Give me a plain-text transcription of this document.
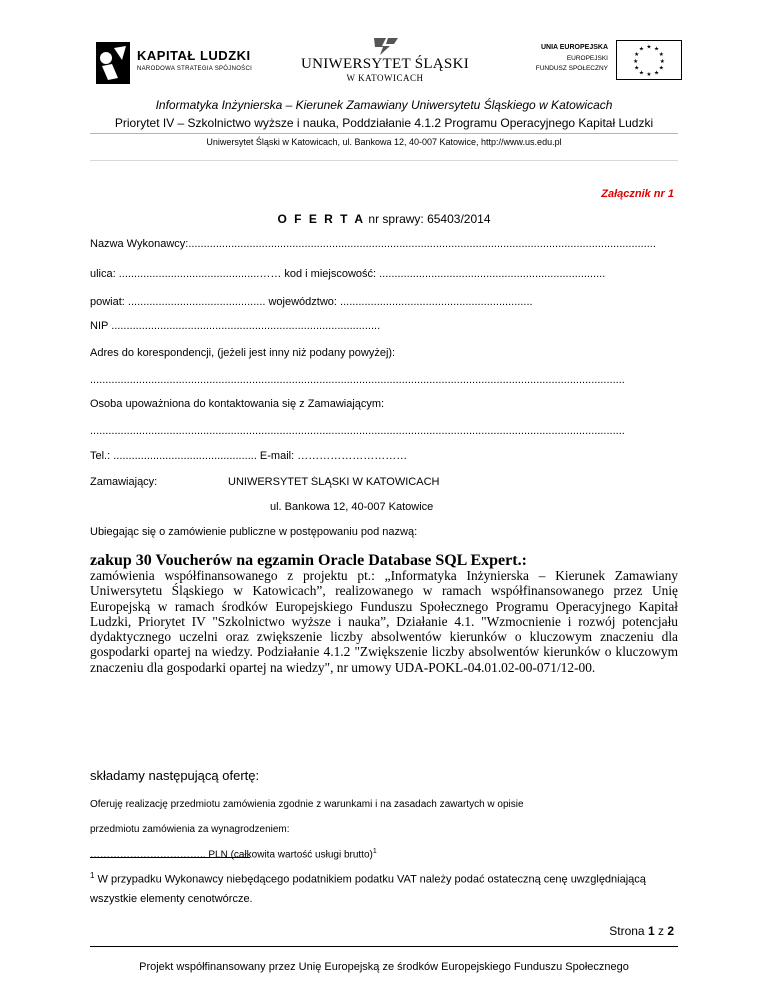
KAPITAŁ LUDZKI
NARODOWA STRATEGIA SPÓJNOŚCI	UNIWERSYTET ŚLĄSKI
W KATOWICACH
UNIA EUROPEJSKA
EUROPEJSKI
FUNDUSZ SPOŁECZNY
★ ★
★
★
★
★
★
★
★
★
★
★
Informatyka Inżynierska – Kierunek Zamawiany Uniwersytetu Śląskiego w Katowicach
Priorytet IV – Szkolnictwo wyższe i nauka, Poddziałanie 4.1.2 Programu Operacyjnego Kapitał Ludzki
Uniwersytet Śląski w Katowicach, ul. Bankowa 12, 40-007 Katowice, http://www.us.edu.pl
Załącznik nr 1
O F E R T A nr sprawy: 65403/2014
Nazwa Wykonawcy:.........................................................................................................................................................
ulica: ..............................................…… kod i miejscowość: ..........................................................................
powiat: ............................................. województwo: ...............................................................
NIP ........................................................................................
Adres do korespondencji, (jeżeli jest inny niż podany powyżej):
...............................................................................................................................................................................
Osoba upoważniona do kontaktowania się z Zamawiającym:
...............................................................................................................................................................................
Tel.: ............................................... E-mail: …………………………
Zamawiający:	UNIWERSYTET ŚLĄSKI W KATOWICACH
ul. Bankowa 12, 40-007 Katowice
Ubiegając się o zamówienie publiczne w postępowaniu pod nazwą:
zakup 30 Voucherów na egzamin Oracle Database SQL Expert.:
zamówienia współfinansowanego z projektu pt.: „Informatyka Inżynierska – Kierunek Zamawiany Uniwersytetu Śląskiego w Katowicach”, realizowanego w ramach współfinansowanego przez Unię Europejską w ramach środków Europejskiego Funduszu Społecznego Programu Operacyjnego Kapitał Ludzki, Priorytet IV "Szkolnictwo wyższe i nauka”, Działanie 4.1. "Wzmocnienie i rozwój potencjału dydaktycznego uczelni oraz zwiększenie liczby absolwentów kierunków o kluczowym znaczeniu dla gospodarki opartej na wiedzy. Podziałanie 4.1.2 "Zwiększenie liczby absolwentów kierunków o kluczowym znaczeniu dla gospodarki opartej na wiedzy", nr umowy UDA-POKL-04.01.02-00-071/12-00.
składamy następującą ofertę:
Oferuję realizację przedmiotu zamówienia zgodnie z warunkami i na zasadach zawartych w opisie
przedmiotu zamówienia za wynagrodzeniem:
…………………………….. PLN (całkowita wartość usługi brutto)$^1$
$^1$ W przypadku Wykonawcy niebędącego podatnikiem podatku VAT należy podać ostateczną cenę uwzględniającą wszystkie elementy cenotwórcze.
Strona 1 z 2
Projekt współfinansowany przez Unię Europejską ze środków Europejskiego Funduszu Społecznego
